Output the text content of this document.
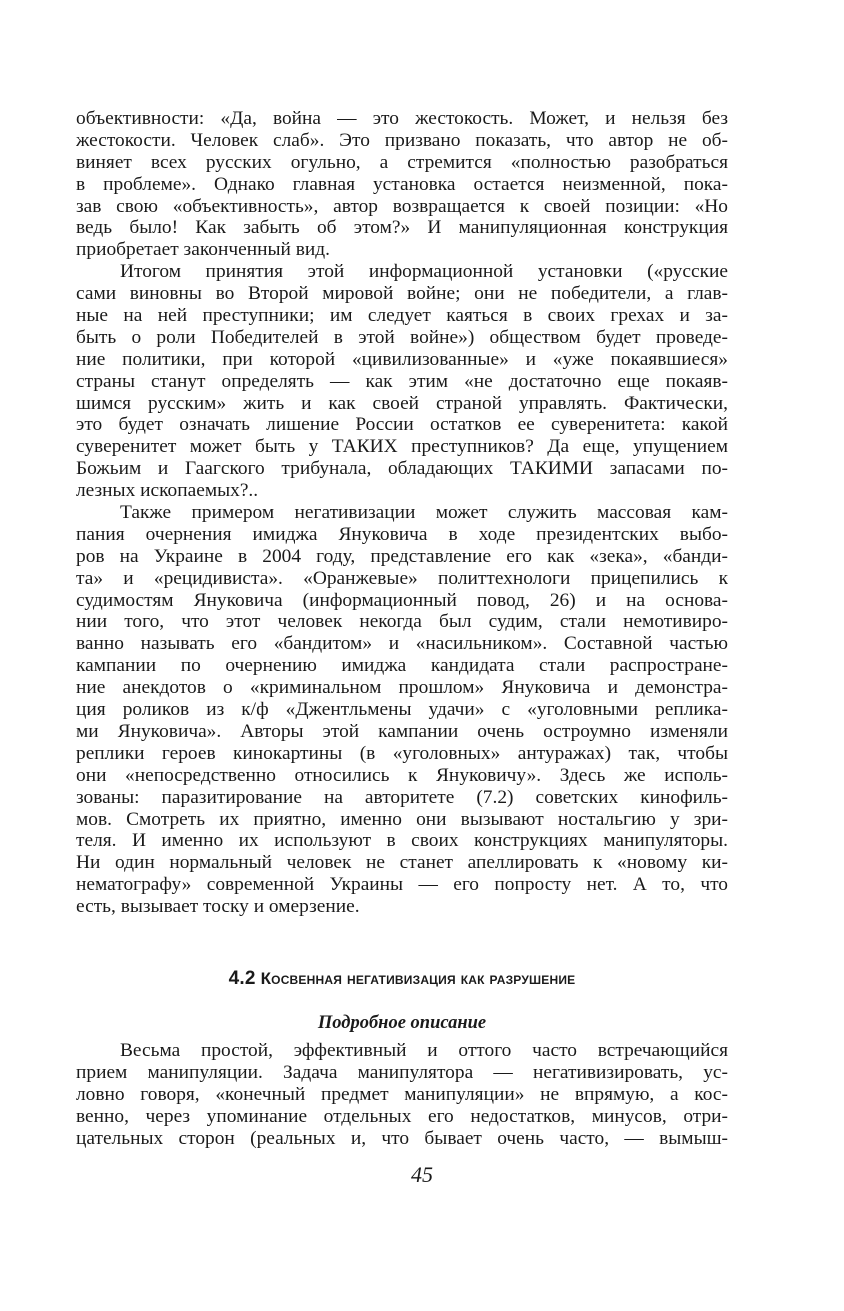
объективности: «Да, война — это жестокость. Может, и нельзя без
жестокости. Человек слаб». Это призвано показать, что автор не об-
виняет всех русских огульно, а стремится «полностью разобраться
в проблеме». Однако главная установка остается неизменной, пока-
зав свою «объективность», автор возвращается к своей позиции: «Но
ведь было! Как забыть об этом?» И манипуляционная конструкция
приобретает законченный вид.
Итогом принятия этой информационной установки («русские
сами виновны во Второй мировой войне; они не победители, а глав-
ные на ней преступники; им следует каяться в своих грехах и за-
быть о роли Победителей в этой войне») обществом будет проведе-
ние политики, при которой «цивилизованные» и «уже покаявшиеся»
страны станут определять — как этим «не достаточно еще покаяв-
шимся русским» жить и как своей страной управлять. Фактически,
это будет означать лишение России остатков ее суверенитета: какой
суверенитет может быть у ТАКИХ преступников? Да еще, упущением
Божьим и Гаагского трибунала, обладающих ТАКИМИ запасами по-
лезных ископаемых?..
Также примером негативизации может служить массовая кам-
пания очернения имиджа Януковича в ходе президентских выбо-
ров на Украине в 2004 году, представление его как «зека», «банди-
та» и «рецидивиста». «Оранжевые» политтехнологи прицепились к
судимостям Януковича (информационный повод, 26) и на основа-
нии того, что этот человек некогда был судим, стали немотивиро-
ванно называть его «бандитом» и «насильником». Составной частью
кампании по очернению имиджа кандидата стали распростране-
ние анекдотов о «криминальном прошлом» Януковича и демонстра-
ция роликов из к/ф «Джентльмены удачи» с «уголовными реплика-
ми Януковича». Авторы этой кампании очень остроумно изменяли
реплики героев кинокартины (в «уголовных» антуражах) так, чтобы
они «непосредственно относились к Януковичу». Здесь же исполь-
зованы: паразитирование на авторитете (7.2) советских кинофиль-
мов. Смотреть их приятно, именно они вызывают ностальгию у зри-
теля. И именно их используют в своих конструкциях манипуляторы.
Ни один нормальный человек не станет апеллировать к «новому ки-
нематографу» современной Украины — его попросту нет. А то, что
есть, вызывает тоску и омерзение.
4.2 Косвенная негативизация как разрушение
Подробное описание
Весьма простой, эффективный и оттого часто встречающийся
прием манипуляции. Задача манипулятора — негативизировать, ус-
ловно говоря, «конечный предмет манипуляции» не впрямую, а кос-
венно, через упоминание отдельных его недостатков, минусов, отри-
цательных сторон (реальных и, что бывает очень часто, — вымыш-
45
